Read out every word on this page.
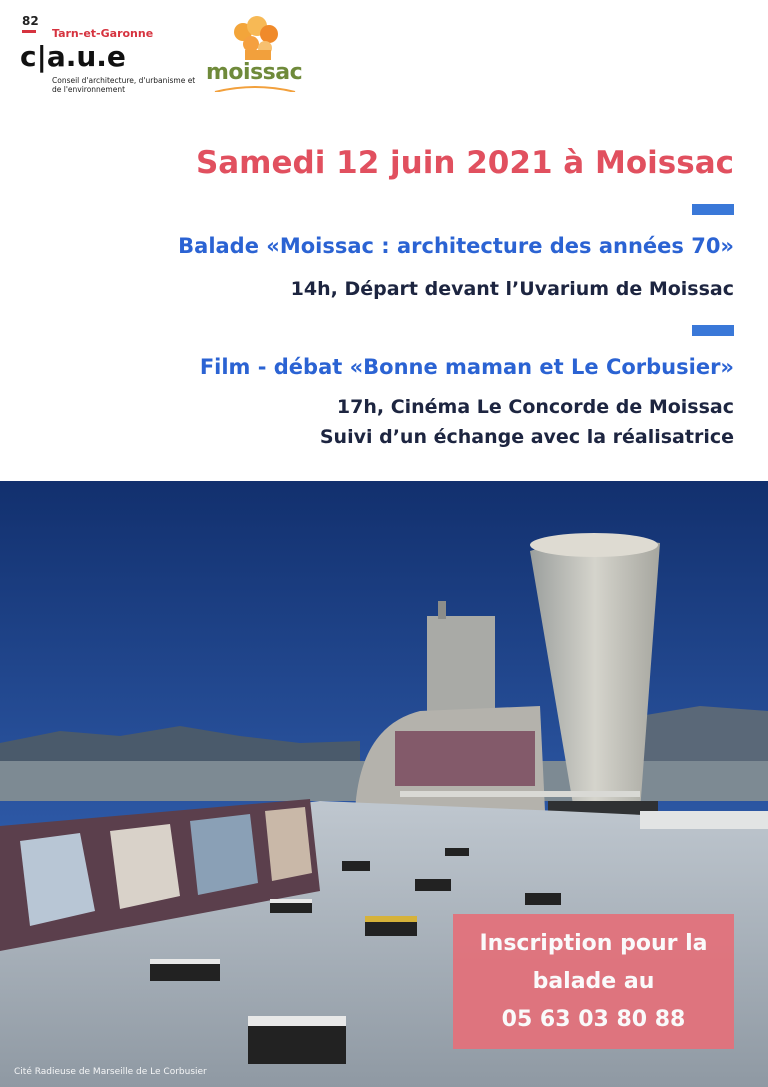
82
Tarn-et-Garonne
c|a.u.e
Conseil d'architecture, d'urbanisme et de l'environnement
moissac
Samedi 12 juin 2021 à Moissac
Balade «Moissac : architecture des années 70»
14h, Départ devant l’Uvarium de Moissac
Film - débat «Bonne maman et Le Corbusier»
17h, Cinéma Le Concorde de Moissac
Suivi d’un échange avec la réalisatrice
Cité Radieuse de Marseille de Le Corbusier
Inscription pour la
balade au
05 63 03 80 88
